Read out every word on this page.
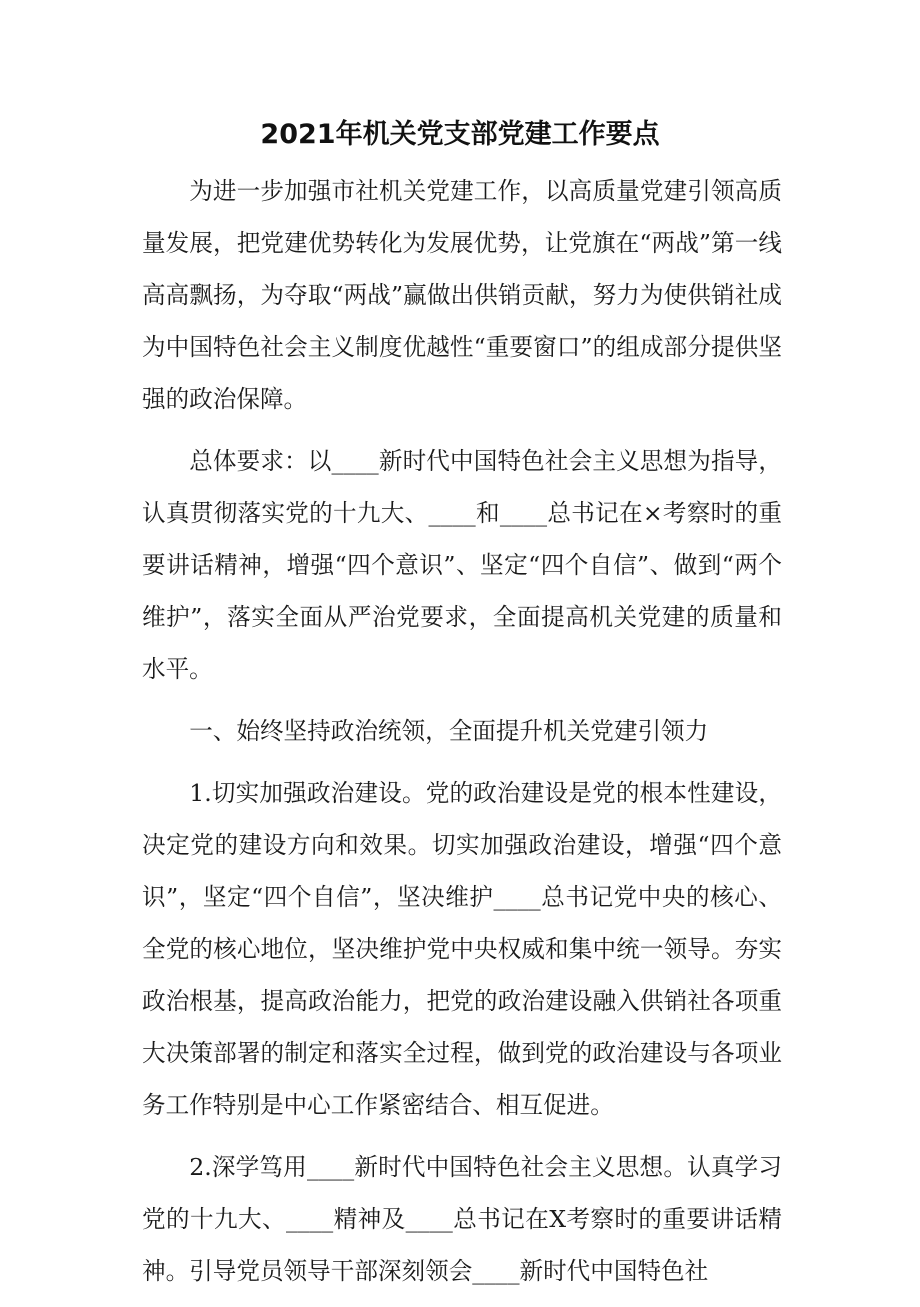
2021年机关党支部党建工作要点

为进一步加强市社机关党建工作，以高质量党建引领高质量发展，把党建优势转化为发展优势，让党旗在“两战”第一线高高飘扬，为夺取“两战”赢做出供销贡献，努力为使供销社成为中国特色社会主义制度优越性“重要窗口”的组成部分提供坚强的政治保障。

总体要求：以____新时代中国特色社会主义思想为指导，认真贯彻落实党的十九大、____和____总书记在×考察时的重要讲话精神，增强“四个意识”、坚定“四个自信”、做到“两个维护”，落实全面从严治党要求，全面提高机关党建的质量和水平。

一、始终坚持政治统领，全面提升机关党建引领力

1.切实加强政治建设。党的政治建设是党的根本性建设，决定党的建设方向和效果。切实加强政治建设，增强“四个意识”，坚定“四个自信”，坚决维护____总书记党中央的核心、全党的核心地位，坚决维护党中央权威和集中统一领导。夯实政治根基，提高政治能力，把党的政治建设融入供销社各项重大决策部署的制定和落实全过程，做到党的政治建设与各项业务工作特别是中心工作紧密结合、相互促进。

2.深学笃用____新时代中国特色社会主义思想。认真学习党的十九大、____精神及____总书记在X考察时的重要讲话精神。引导党员领导干部深刻领会____新时代中国特色社
